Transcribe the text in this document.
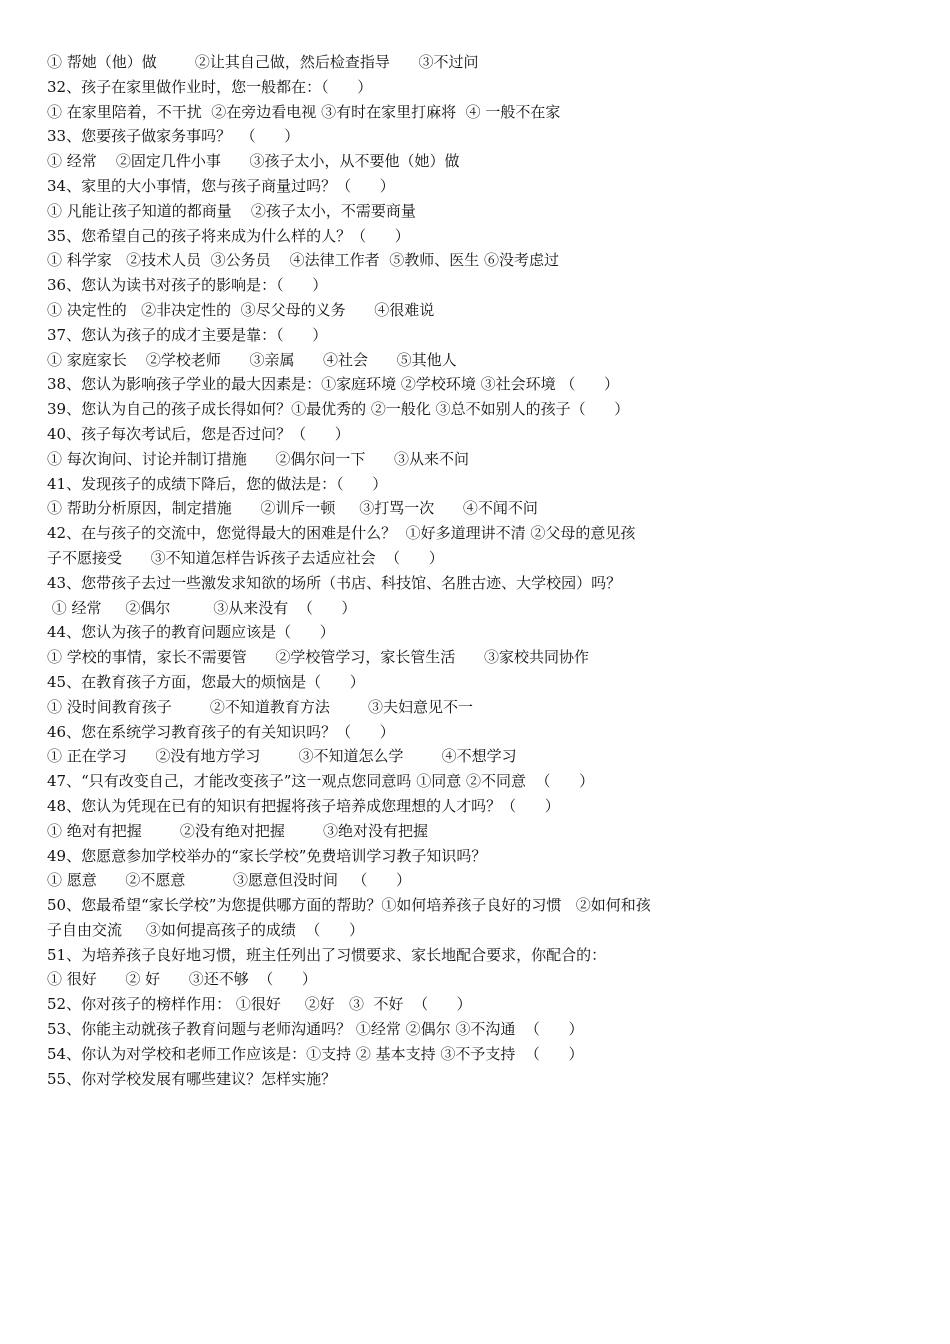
① 帮她（他）做        ②让其自己做，然后检查指导      ③不过问
32、孩子在家里做作业时，您一般都在：（      ）
① 在家里陪着，不干扰  ②在旁边看电视 ③有时在家里打麻将  ④ 一般不在家
33、您要孩子做家务事吗？  （      ）
① 经常    ②固定几件小事      ③孩子太小，从不要他（她）做
34、家里的大小事情，您与孩子商量过吗？（      ）
① 凡能让孩子知道的都商量    ②孩子太小，不需要商量
35、您希望自己的孩子将来成为什么样的人？（      ）
① 科学家   ②技术人员  ③公务员    ④法律工作者  ⑤教师、医生 ⑥没考虑过
36、您认为读书对孩子的影响是：（      ）
① 决定性的   ②非决定性的  ③尽父母的义务      ④很难说
37、您认为孩子的成才主要是靠：（      ）
① 家庭家长    ②学校老师      ③亲属      ④社会      ⑤其他人
38、您认为影响孩子学业的最大因素是：①家庭环境 ②学校环境 ③社会环境 （      ）
39、您认为自己的孩子成长得如何？①最优秀的 ②一般化 ③总不如别人的孩子（      ）
40、孩子每次考试后，您是否过问？（      ）
① 每次询问、讨论并制订措施      ②偶尔问一下      ③从来不问
41、发现孩子的成绩下降后，您的做法是：（      ）
① 帮助分析原因，制定措施      ②训斥一顿     ③打骂一次      ④不闻不问
42、在与孩子的交流中，您觉得最大的困难是什么？  ①好多道理讲不清 ②父母的意见孩
子不愿接受      ③不知道怎样告诉孩子去适应社会  （      ）
43、您带孩子去过一些激发求知欲的场所（书店、科技馆、名胜古迹、大学校园）吗？
① 经常     ②偶尔         ③从来没有  （      ）
44、您认为孩子的教育问题应该是（      ）
① 学校的事情，家长不需要管      ②学校管学习，家长管生活      ③家校共同协作
45、在教育孩子方面，您最大的烦恼是（      ）
① 没时间教育孩子        ②不知道教育方法        ③夫妇意见不一
46、您在系统学习教育孩子的有关知识吗？（      ）
① 正在学习      ②没有地方学习        ③不知道怎么学        ④不想学习
47、“只有改变自己，才能改变孩子”这一观点您同意吗 ①同意 ②不同意  （      ）
48、您认为凭现在已有的知识有把握将孩子培养成您理想的人才吗？（      ）
① 绝对有把握        ②没有绝对把握        ③绝对没有把握
49、您愿意参加学校举办的“家长学校”免费培训学习教子知识吗？
① 愿意      ②不愿意          ③愿意但没时间   （      ）
50、您最希望“家长学校”为您提供哪方面的帮助？①如何培养孩子良好的习惯   ②如何和孩
子自由交流     ③如何提高孩子的成绩  （      ）
51、为培养孩子良好地习惯，班主任列出了习惯要求、家长地配合要求，你配合的：
① 很好      ② 好      ③还不够  （      ）
52、你对孩子的榜样作用： ①很好     ②好   ③  不好  （      ）
53、你能主动就孩子教育问题与老师沟通吗？ ①经常 ②偶尔 ③不沟通  （      ）
54、你认为对学校和老师工作应该是：①支持 ② 基本支持 ③不予支持  （      ）
55、你对学校发展有哪些建议？怎样实施？
